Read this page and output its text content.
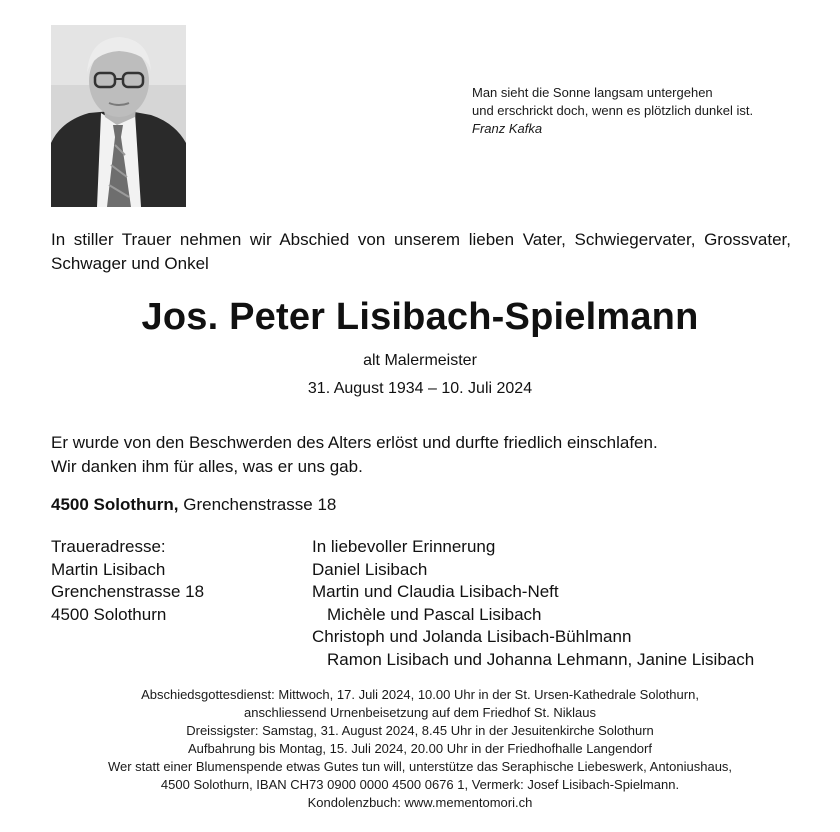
Man sieht die Sonne langsam untergehen
und erschrickt doch, wenn es plötzlich dunkel ist.
Franz Kafka
In stiller Trauer nehmen wir Abschied von unserem lieben Vater, Schwiegervater, Grossvater, Schwager und Onkel
Jos. Peter Lisibach-Spielmann
alt Malermeister
31. August 1934 – 10. Juli 2024
Er wurde von den Beschwerden des Alters erlöst und durfte friedlich einschlafen.
Wir danken ihm für alles, was er uns gab.
4500 Solothurn, Grenchenstrasse 18
Traueradresse:
Martin Lisibach
Grenchenstrasse 18
4500 Solothurn
In liebevoller Erinnerung
Daniel Lisibach
Martin und Claudia Lisibach-Neft
Michèle und Pascal Lisibach
Christoph und Jolanda Lisibach-Bühlmann
Ramon Lisibach und Johanna Lehmann, Janine Lisibach
Abschiedsgottesdienst: Mittwoch, 17. Juli 2024, 10.00 Uhr in der St. Ursen-Kathedrale Solothurn,
anschliessend Urnenbeisetzung auf dem Friedhof St. Niklaus
Dreissigster: Samstag, 31. August 2024, 8.45 Uhr in der Jesuitenkirche Solothurn
Aufbahrung bis Montag, 15. Juli 2024, 20.00 Uhr in der Friedhofhalle Langendorf
Wer statt einer Blumenspende etwas Gutes tun will, unterstütze das Seraphische Liebeswerk, Antoniushaus,
4500 Solothurn, IBAN CH73 0900 0000 4500 0676 1, Vermerk: Josef Lisibach-Spielmann.
Kondolenzbuch: www.mementomori.ch
